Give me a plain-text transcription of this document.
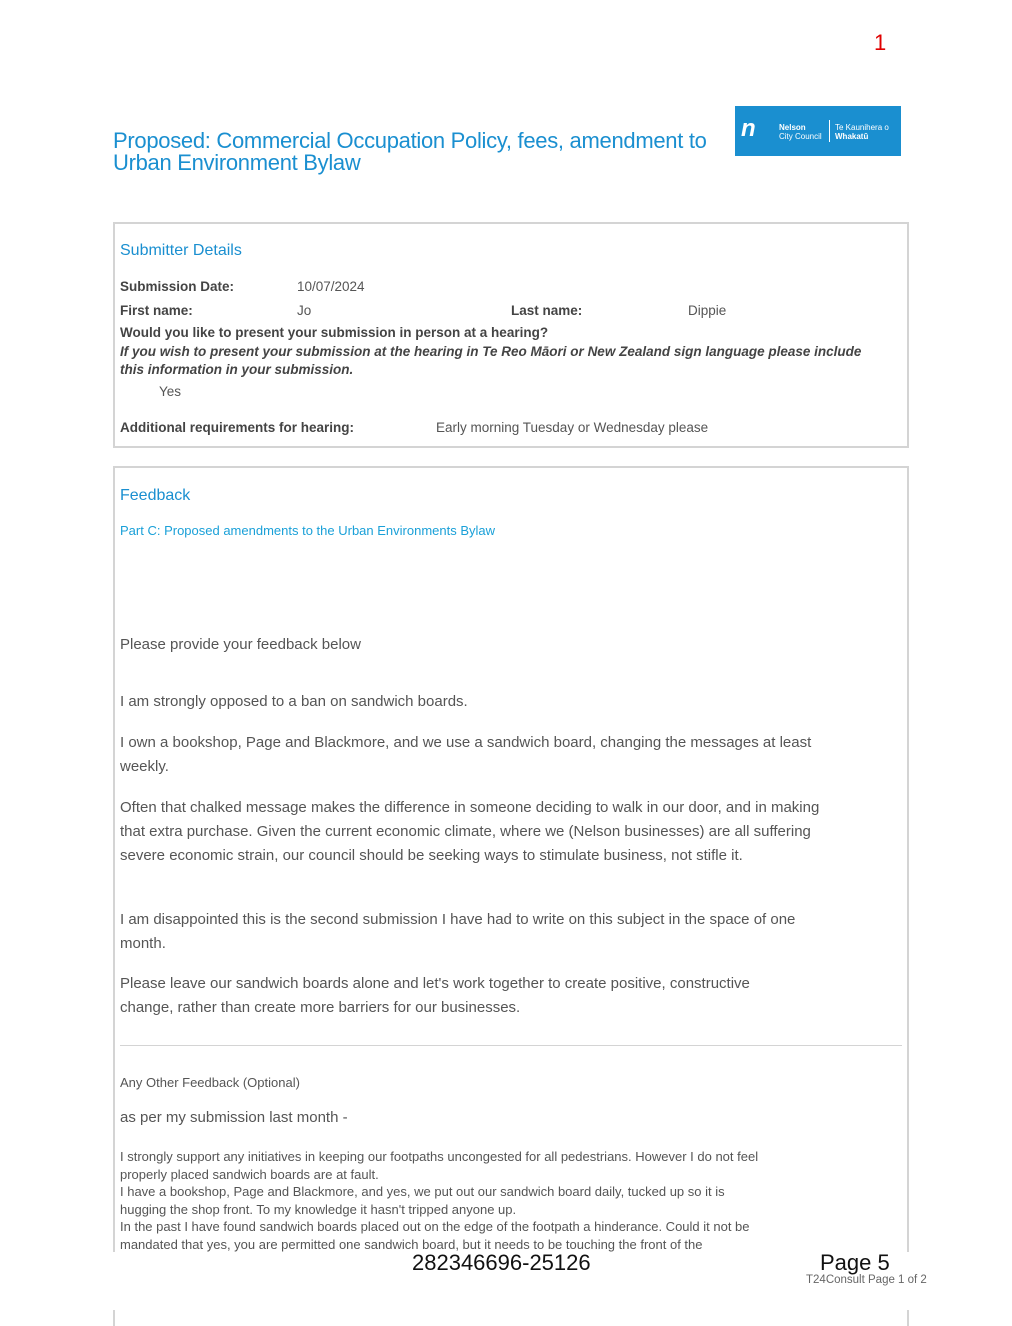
1
Proposed: Commercial Occupation Policy, fees, amendment to
Urban Environment Bylaw
n	Nelson
City Council
Te Kaunihera o
Whakatū
Submitter Details
Submission Date:	10/07/2024
First name:	Jo	Last name:	Dippie
Would you like to present your submission in person at a hearing?
If you wish to present your submission at the hearing in Te Reo Māori or New Zealand sign language please include
this information in your submission.
Yes
Additional requirements for hearing:	Early morning Tuesday or Wednesday please
Feedback
Part C: Proposed amendments to the Urban Environments Bylaw
Please provide your feedback below
I am strongly opposed to a ban on sandwich boards.
I own a bookshop, Page and Blackmore, and we use a sandwich board, changing the messages at least weekly.
Often that chalked message makes the difference in someone deciding to walk in our door, and in making that extra purchase. Given the current economic climate, where we (Nelson businesses) are all suffering severe economic strain, our council should be seeking ways to stimulate business, not stifle it.
I am disappointed this is the second submission I have had to write on this subject in the space of one month.
Please leave our sandwich boards alone and let's work together to create positive, constructive change, rather than create more barriers for our businesses.
Any Other Feedback (Optional)
as per my submission last month -
I strongly support any initiatives in keeping our footpaths uncongested for all pedestrians. However I do not feel properly placed sandwich boards are at fault.
I have a bookshop, Page and Blackmore, and yes, we put out our sandwich board daily, tucked up so it is hugging the shop front. To my knowledge it hasn't tripped anyone up.
In the past I have found sandwich boards placed out on the edge of the footpath a hinderance. Could it not be mandated that yes, you are permitted one sandwich board, but it needs to be touching the front of the
282346696-25126	Page 5
T24Consult Page 1 of 2
